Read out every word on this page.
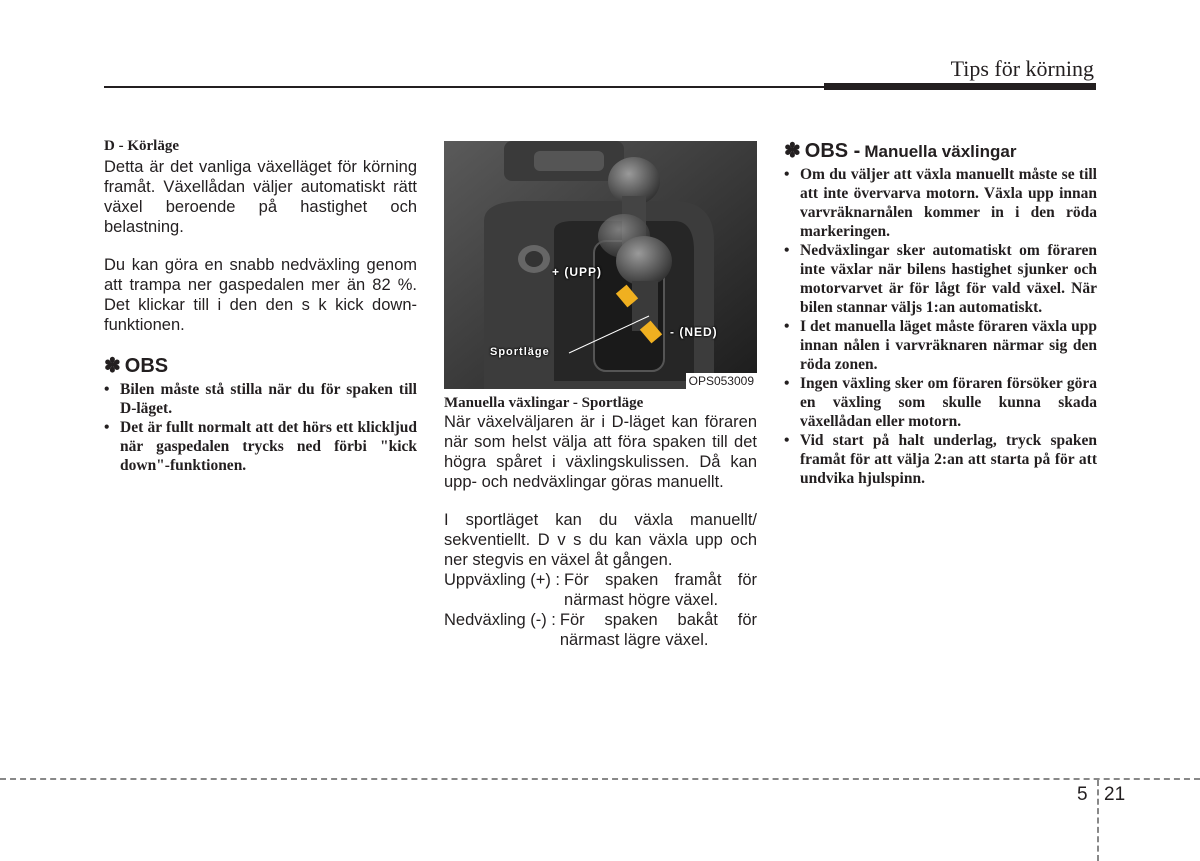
Tips för körning
D - Körläge

Detta är det vanliga växelläget för körning framåt. Växellådan väljer automatiskt rätt växel beroende på hastighet och belastning.

Du kan göra en snabb nedväxling genom att trampa ner gaspedalen mer än 82 %. Det klickar till i den den s k kick down-funktionen.

✽ OBS
• Bilen måste stå stilla när du för spaken till D-läget.
• Det är fullt normalt att det hörs ett klickljud när gaspedalen trycks ned förbi "kick down"-funktionen.
+ (UPP)
- (NED)
Sportläge
OPS053009
Manuella växlingar - Sportläge

När växelväljaren är i D-läget kan föraren när som helst välja att föra spaken till det högra spåret i växlingskulissen. Då kan upp- och nedväxlingar göras manuellt.

I sportläget kan du växla manuellt/ sekventiellt. D v s du kan växla upp och ner stegvis en växel åt gången.

Uppväxling (+) : För spaken framåt för närmast högre växel.
Nedväxling (-) : För spaken bakåt för närmast lägre växel.
✽ OBS - Manuella växlingar
• Om du väljer att växla manuellt måste se till att inte övervarva motorn. Växla upp innan varvräknarnålen kommer in i den röda markeringen.
• Nedväxlingar sker automatiskt om föraren inte växlar när bilens hastighet sjunker och motorvarvet är för lågt för vald växel. När bilen stannar väljs 1:an automatiskt.
• I det manuella läget måste föraren växla upp innan nålen i varvräknaren närmar sig den röda zonen.
• Ingen växling sker om föraren försöker göra en växling som skulle kunna skada växellådan eller motorn.
• Vid start på halt underlag, tryck spaken framåt för att välja 2:an att starta på för att undvika hjulspinn.
5 21
